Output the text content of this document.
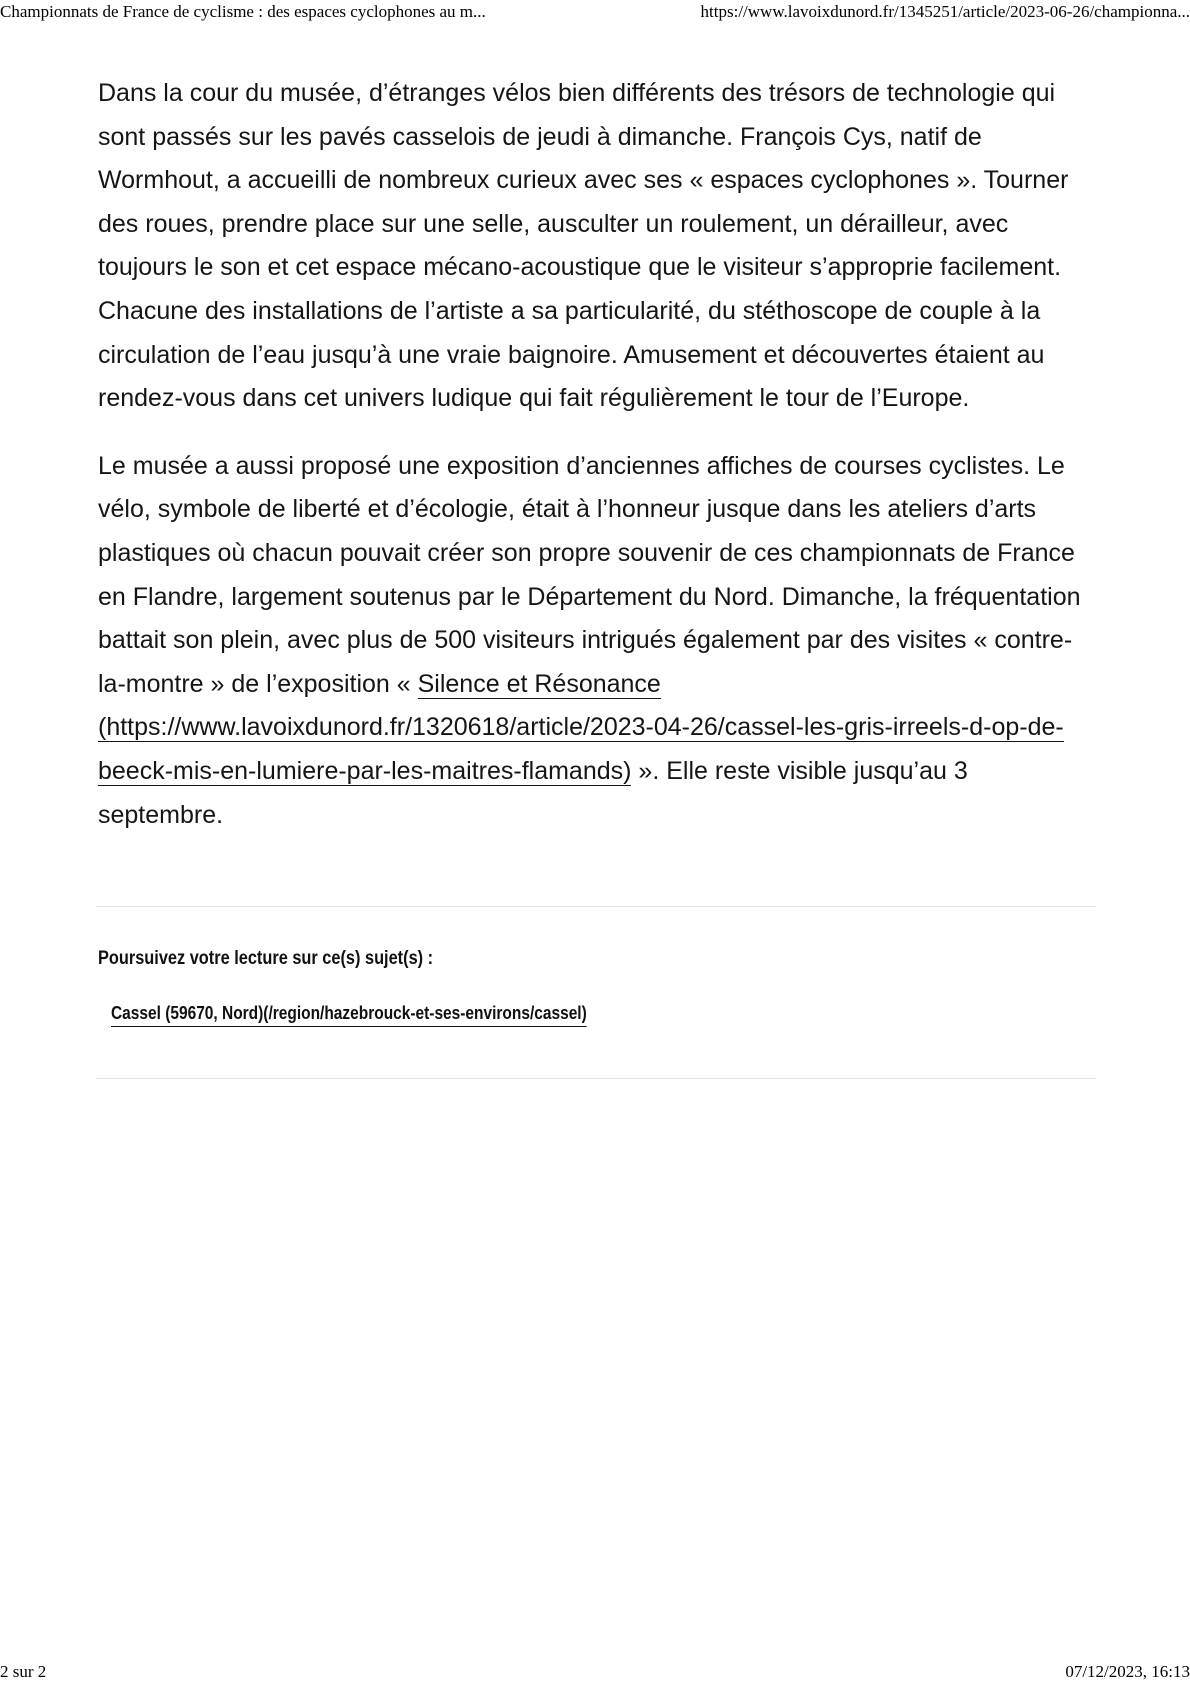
Championnats de France de cyclisme : des espaces cyclophones au m...	https://www.lavoixdunord.fr/1345251/article/2023-06-26/championna...

Dans la cour du musée, d’étranges vélos bien différents des trésors de technologie qui sont passés sur les pavés casselois de jeudi à dimanche. François Cys, natif de Wormhout, a accueilli de nombreux curieux avec ses « espaces cyclophones ». Tourner des roues, prendre place sur une selle, ausculter un roulement, un dérailleur, avec toujours le son et cet espace mécano-acoustique que le visiteur s’approprie facilement. Chacune des installations de l’artiste a sa particularité, du stéthoscope de couple à la circulation de l’eau jusqu’à une vraie baignoire. Amusement et découvertes étaient au rendez-vous dans cet univers ludique qui fait régulièrement le tour de l’Europe.

Le musée a aussi proposé une exposition d’anciennes affiches de courses cyclistes. Le vélo, symbole de liberté et d’écologie, était à l’honneur jusque dans les ateliers d’arts plastiques où chacun pouvait créer son propre souvenir de ces championnats de France en Flandre, largement soutenus par le Département du Nord. Dimanche, la fréquentation battait son plein, avec plus de 500 visiteurs intrigués également par des visites « contre-la-montre » de l’exposition « Silence et Résonance (https://www.lavoixdunord.fr/1320618/article/2023-04-26/cassel-les-gris-irreels-d-op-de-beeck-mis-en-lumiere-par-les-maitres-flamands) ». Elle reste visible jusqu’au 3 septembre.

Poursuivez votre lecture sur ce(s) sujet(s) :
Cassel (59670, Nord)(/region/hazebrouck-et-ses-environs/cassel)
2 sur 2	07/12/2023, 16:13
